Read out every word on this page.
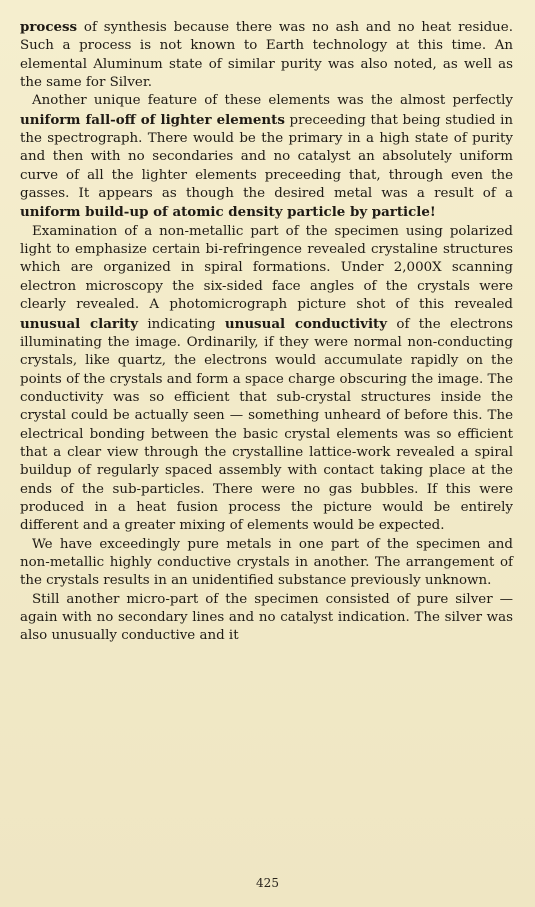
process of synthesis because there was no ash and no heat residue. Such a process is not known to Earth technology at this time. An elemental Aluminum state of similar purity was also noted, as well as the same for Silver.

Another unique feature of these elements was the almost perfectly uniform fall-off of lighter elements preceeding that being studied in the spectrograph. There would be the primary in a high state of purity and then with no secondaries and no catalyst an absolutely uniform curve of all the lighter elements preceeding that, through even the gasses. It appears as though the desired metal was a result of a uniform build-up of atomic density particle by particle!

Examination of a non-metallic part of the specimen using polarized light to emphasize certain bi-refringence revealed crystaline structures which are organized in spiral formations. Under 2,000X scanning electron microscopy the six-sided face angles of the crystals were clearly revealed. A photomicrograph picture shot of this revealed unusual clarity indicating unusual conductivity of the electrons illuminating the image. Ordinarily, if they were normal non-conducting crystals, like quartz, the electrons would accumulate rapidly on the points of the crystals and form a space charge obscuring the image. The conductivity was so efficient that sub-crystal structures inside the crystal could be actually seen — something unheard of before this. The electrical bonding between the basic crystal elements was so efficient that a clear view through the crystalline lattice-work revealed a spiral buildup of regularly spaced assembly with contact taking place at the ends of the sub-particles. There were no gas bubbles. If this were produced in a heat fusion process the picture would be entirely different and a greater mixing of elements would be expected.

We have exceedingly pure metals in one part of the specimen and non-metallic highly conductive crystals in another. The arrangement of the crystals results in an unidentified substance previously unknown.

Still another micro-part of the specimen consisted of pure silver — again with no secondary lines and no catalyst indication. The silver was also unusually conductive and it

425
